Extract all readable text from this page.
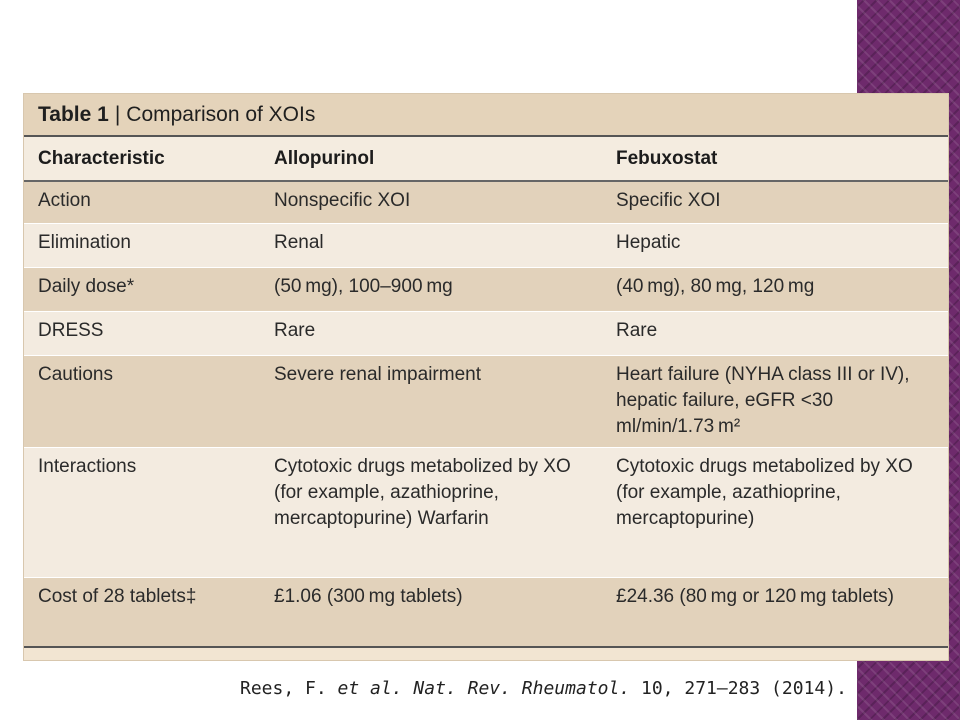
Table 1 | Comparison of XOIs
Characteristic	Allopurinol	Febuxostat
Action	Nonspecific XOI	Specific XOI
Elimination	Renal	Hepatic
Daily dose*	(50 mg), 100–900 mg	(40 mg), 80 mg, 120 mg
DRESS	Rare	Rare
Cautions	Severe renal impairment	Heart failure (NYHA class III or IV), hepatic failure, eGFR <30 ml/min/1.73 m²
Interactions	Cytotoxic drugs metabolized by XO (for example, azathioprine, mercaptopurine) Warfarin	Cytotoxic drugs metabolized by XO (for example, azathioprine, mercaptopurine)
Cost of 28 tablets‡	£1.06 (300 mg tablets)	£24.36 (80 mg or 120 mg tablets)
Rees, F. et al. Nat. Rev. Rheumatol. 10, 271–283 (2014).
